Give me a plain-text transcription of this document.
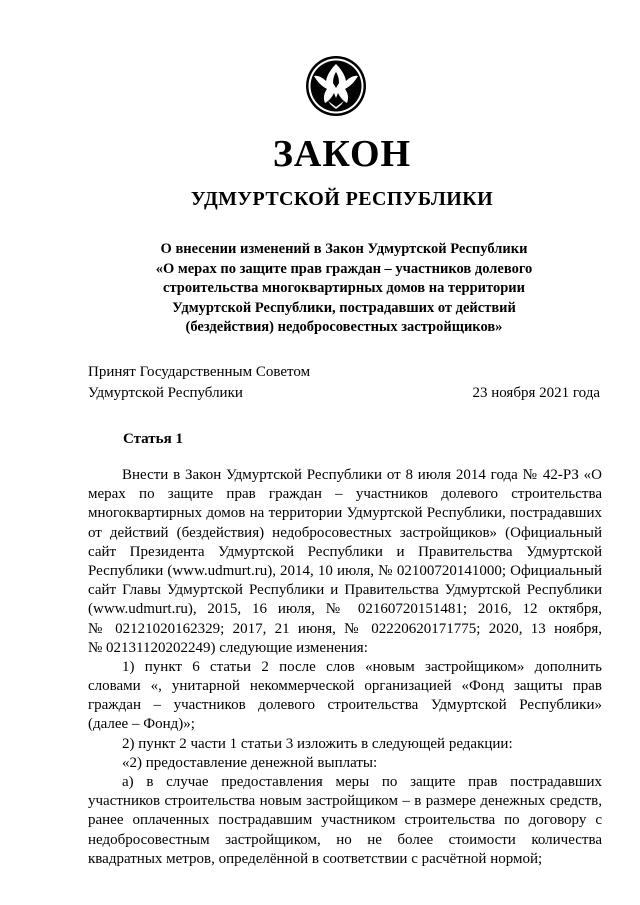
ЗАКОН
УДМУРТСКОЙ РЕСПУБЛИКИ
О внесении изменений в Закон Удмуртской Республики
«О мерах по защите прав граждан – участников долевого
строительства многоквартирных домов на территории
Удмуртской Республики, пострадавших от действий
(бездействия) недобросовестных застройщиков»
Принят Государственным Советом
Удмуртской Республики	23 ноября 2021 года
Статья 1
Внести в Закон Удмуртской Республики от 8 июля 2014 года № 42-РЗ «О
мерах по защите прав граждан – участников долевого строительства
многоквартирных домов на территории Удмуртской Республики, пострадавших
от действий (бездействия) недобросовестных застройщиков» (Официальный
сайт Президента Удмуртской Республики и Правительства Удмуртской
Республики (www.udmurt.ru), 2014, 10 июля, № 02100720141000; Официальный
сайт Главы Удмуртской Республики и Правительства Удмуртской Республики
(www.udmurt.ru), 2015, 16 июля, № 02160720151481; 2016, 12 октября,
№ 02121020162329; 2017, 21 июня, № 02220620171775; 2020, 13 ноября,
№ 02131120202249) следующие изменения:
1) пункт 6 статьи 2 после слов «новым застройщиком» дополнить
словами «, унитарной некоммерческой организацией «Фонд защиты прав
граждан – участников долевого строительства Удмуртской Республики»
(далее – Фонд)»;
2) пункт 2 части 1 статьи 3 изложить в следующей редакции:
«2) предоставление денежной выплаты:
а) в случае предоставления меры по защите прав пострадавших
участников строительства новым застройщиком – в размере денежных средств,
ранее оплаченных пострадавшим участником строительства по договору с
недобросовестным застройщиком, но не более стоимости количества
квадратных метров, определённой в соответствии с расчётной нормой;
